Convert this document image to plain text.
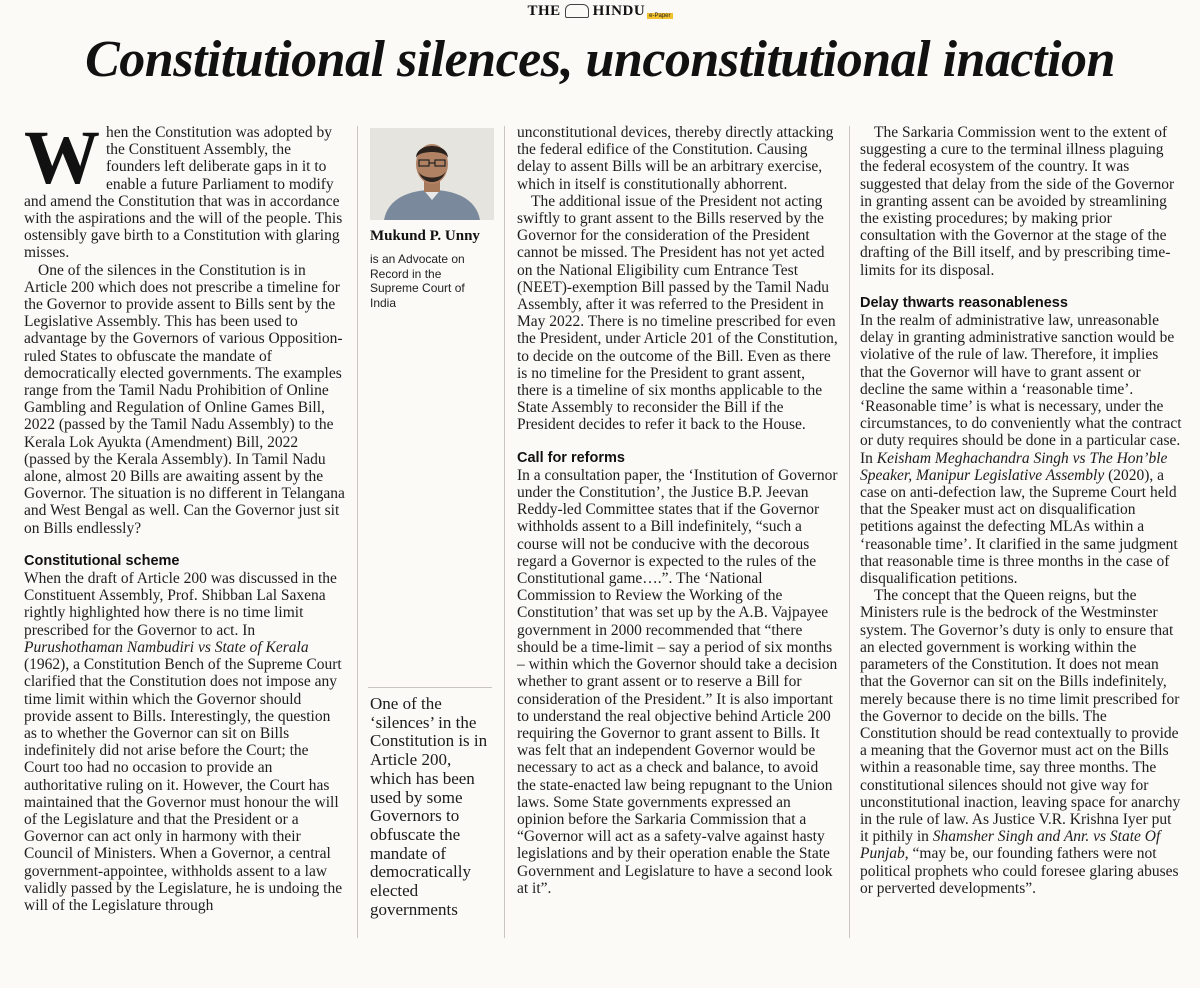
THE HINDU e-Paper
Constitutional silences, unconstitutional inaction

When the Constitution was adopted by the Constituent Assembly, the founders left deliberate gaps in it to enable a future Parliament to modify and amend the Constitution that was in accordance with the aspirations and the will of the people. This ostensibly gave birth to a Constitution with glaring misses.

One of the silences in the Constitution is in Article 200 which does not prescribe a timeline for the Governor to provide assent to Bills sent by the Legislative Assembly. This has been used to advantage by the Governors of various Opposition-ruled States to obfuscate the mandate of democratically elected governments. The examples range from the Tamil Nadu Prohibition of Online Gambling and Regulation of Online Games Bill, 2022 (passed by the Tamil Nadu Assembly) to the Kerala Lok Ayukta (Amendment) Bill, 2022 (passed by the Kerala Assembly). In Tamil Nadu alone, almost 20 Bills are awaiting assent by the Governor. The situation is no different in Telangana and West Bengal as well. Can the Governor just sit on Bills endlessly?

Constitutional scheme

When the draft of Article 200 was discussed in the Constituent Assembly, Prof. Shibban Lal Saxena rightly highlighted how there is no time limit prescribed for the Governor to act. In Purushothaman Nambudiri vs State of Kerala (1962), a Constitution Bench of the Supreme Court clarified that the Constitution does not impose any time limit within which the Governor should provide assent to Bills. Interestingly, the question as to whether the Governor can sit on Bills indefinitely did not arise before the Court; the Court too had no occasion to provide an authoritative ruling on it. However, the Court has maintained that the Governor must honour the will of the Legislature and that the President or a Governor can act only in harmony with their Council of Ministers. When a Governor, a central government-appointee, withholds assent to a law validly passed by the Legislature, he is undoing the will of the Legislature through

Mukund P. Unny
is an Advocate on Record in the Supreme Court of India
One of the ‘silences’ in the Constitution is in Article 200, which has been used by some Governors to obfuscate the mandate of democratically elected governments

unconstitutional devices, thereby directly attacking the federal edifice of the Constitution. Causing delay to assent Bills will be an arbitrary exercise, which in itself is constitutionally abhorrent.

The additional issue of the President not acting swiftly to grant assent to the Bills reserved by the Governor for the consideration of the President cannot be missed. The President has not yet acted on the National Eligibility cum Entrance Test (NEET)-exemption Bill passed by the Tamil Nadu Assembly, after it was referred to the President in May 2022. There is no timeline prescribed for even the President, under Article 201 of the Constitution, to decide on the outcome of the Bill. Even as there is no timeline for the President to grant assent, there is a timeline of six months applicable to the State Assembly to reconsider the Bill if the President decides to refer it back to the House.

Call for reforms

In a consultation paper, the ‘Institution of Governor under the Constitution’, the Justice B.P. Jeevan Reddy-led Committee states that if the Governor withholds assent to a Bill indefinitely, “such a course will not be conducive with the decorous regard a Governor is expected to the rules of the Constitutional game….”. The ‘National Commission to Review the Working of the Constitution’ that was set up by the A.B. Vajpayee government in 2000 recommended that “there should be a time-limit – say a period of six months – within which the Governor should take a decision whether to grant assent or to reserve a Bill for consideration of the President.” It is also important to understand the real objective behind Article 200 requiring the Governor to grant assent to Bills. It was felt that an independent Governor would be necessary to act as a check and balance, to avoid the state-enacted law being repugnant to the Union laws. Some State governments expressed an opinion before the Sarkaria Commission that a “Governor will act as a safety-valve against hasty legislations and by their operation enable the State Government and Legislature to have a second look at it”.

The Sarkaria Commission went to the extent of suggesting a cure to the terminal illness plaguing the federal ecosystem of the country. It was suggested that delay from the side of the Governor in granting assent can be avoided by streamlining the existing procedures; by making prior consultation with the Governor at the stage of the drafting of the Bill itself, and by prescribing time-limits for its disposal.

Delay thwarts reasonableness

In the realm of administrative law, unreasonable delay in granting administrative sanction would be violative of the rule of law. Therefore, it implies that the Governor will have to grant assent or decline the same within a ‘reasonable time’. ‘Reasonable time’ is what is necessary, under the circumstances, to do conveniently what the contract or duty requires should be done in a particular case. In Keisham Meghachandra Singh vs The Hon’ble Speaker, Manipur Legislative Assembly (2020), a case on anti-defection law, the Supreme Court held that the Speaker must act on disqualification petitions against the defecting MLAs within a ‘reasonable time’. It clarified in the same judgment that reasonable time is three months in the case of disqualification petitions.

The concept that the Queen reigns, but the Ministers rule is the bedrock of the Westminster system. The Governor’s duty is only to ensure that an elected government is working within the parameters of the Constitution. It does not mean that the Governor can sit on the Bills indefinitely, merely because there is no time limit prescribed for the Governor to decide on the bills. The Constitution should be read contextually to provide a meaning that the Governor must act on the Bills within a reasonable time, say three months. The constitutional silences should not give way for unconstitutional inaction, leaving space for anarchy in the rule of law. As Justice V.R. Krishna Iyer put it pithily in Shamsher Singh and Anr. vs State Of Punjab, “may be, our founding fathers were not political prophets who could foresee glaring abuses or perverted developments”.
